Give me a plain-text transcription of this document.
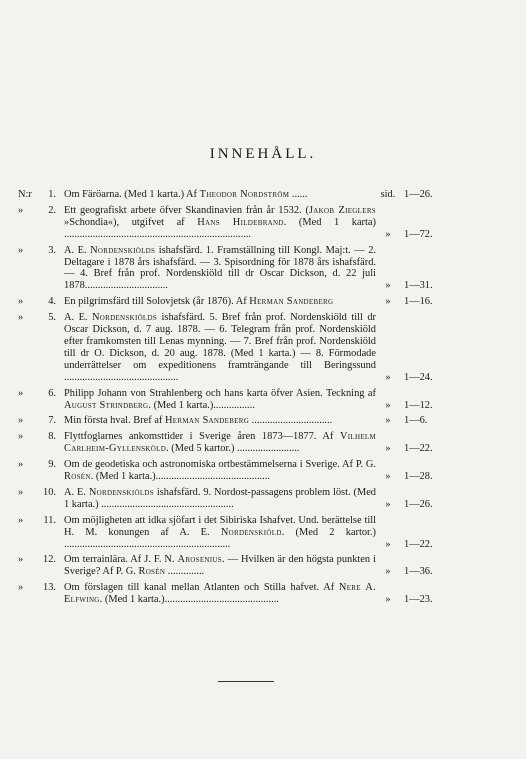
INNEHÅLL.
N:r	1. Om Färöarna. (Med 1 karta.) Af Theodor Nordström ......	sid. 1—26.
»	2. Ett geografiskt arbete öfver Skandinavien från år 1532. (Jakob Zieglers »Schondia«), utgifvet af Hans Hildebrand. (Med 1 karta) ........................................................................	»	1—72.
»	3. A. E. Nordenskiölds ishafsfärd. 1. Framställning till Kongl. Maj:t. — 2. Deltagare i 1878 års ishafsfärd. — 3. Spisordning för 1878 års ishafsfärd. — 4. Bref från prof. Nordenskiöld till dr Oscar Dickson, d. 22 juli 1878................................	»	1—31.
»	4. En pilgrimsfärd till Solovjetsk (år 1876). Af Herman Sandeberg	»	1—16.
»	5. A. E. Nordenskiölds ishafsfärd. 5. Bref från prof. Nordenskiöld till dr Oscar Dickson, d. 7 aug. 1878. — 6. Telegram från prof. Nordenskiöld efter framkomsten till Lenas mynning. — 7. Bref från prof. Nordenskiöld till dr O. Dickson, d. 20 aug. 1878. (Med 1 karta.) — 8. Förmodade underrättelser om expeditionens framträngande till Beringssund ............................................	»	1—24.
»	6. Philipp Johann von Strahlenberg och hans karta öfver Asien. Teckning af August Strindberg. (Med 1 karta.)................	»	1—12.
»	7. Min första hval. Bref af Herman Sandeberg ...............................	»	1—6.
»	8. Flyttfoglarnes ankomsttider i Sverige åren 1873—1877. Af Vilhelm Carlheim-Gyllensköld. (Med 5 kartor.) ........................	»	1—22.
»	9. Om de geodetiska och astronomiska ortbestämmelserna i Sverige. Af P. G. Rosén. (Med 1 karta.)............................................	»	1—28.
»	10. A. E. Nordenskiölds ishafsfärd. 9. Nordost-passagens problem löst. (Med 1 karta.) ...................................................	»	1—26.
»	11. Om möjligheten att idka sjöfart i det Sibiriska Ishafvet. Und. berättelse till H. M. konungen af A. E. Nordenskiöld. (Med 2 kartor.) ................................................................	»	1—22.
»	12. Om terrainlära. Af J. F. N. Arosenius. — Hvilken är den högsta punkten i Sverige? Af P. G. Rosén ..............	»	1—36.
»	13. Om förslagen till kanal mellan Atlanten och Stilla hafvet. Af Nere A. Elfwing. (Med 1 karta.)............................................	»	1—23.
